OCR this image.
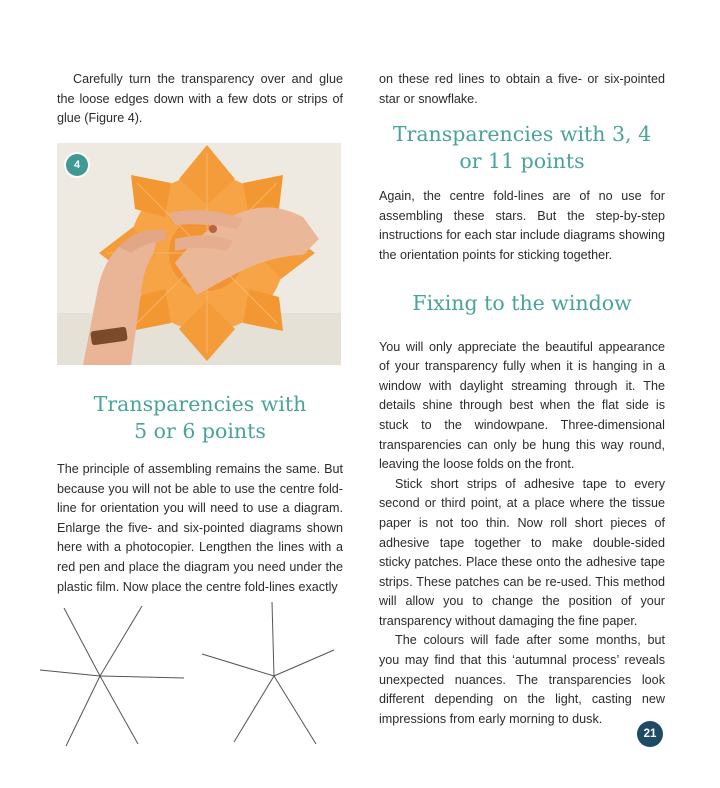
Carefully turn the transparency over and glue the loose edges down with a few dots or strips of glue (Figure 4).

4
Transparencies with
5 or 6 points

The principle of assembling remains the same. But because you will not be able to use the centre fold-line for orientation you will need to use a diagram. Enlarge the five- and six-pointed diagrams shown here with a photocopier. Lengthen the lines with a red pen and place the diagram you need under the plastic film. Now place the centre fold-lines exactly

on these red lines to obtain a five- or six-pointed star or snowflake.

Transparencies with 3, 4
or 11 points

Again, the centre fold-lines are of no use for assembling these stars. But the step-by-step instructions for each star include diagrams showing the orientation points for sticking together.

Fixing to the window

You will only appreciate the beautiful appearance of your transparency fully when it is hanging in a window with daylight streaming through it. The details shine through best when the flat side is stuck to the windowpane. Three-dimensional transparencies can only be hung this way round, leaving the loose folds on the front.

Stick short strips of adhesive tape to every second or third point, at a place where the tissue paper is not too thin. Now roll short pieces of adhesive tape together to make double-sided sticky patches. Place these onto the adhesive tape strips. These patches can be re-used. This method will allow you to change the position of your transparency without damaging the fine paper.

The colours will fade after some months, but you may find that this ‘autumnal process’ reveals unexpected nuances. The transparencies look different depending on the light, casting new impressions from early morning to dusk.

21
